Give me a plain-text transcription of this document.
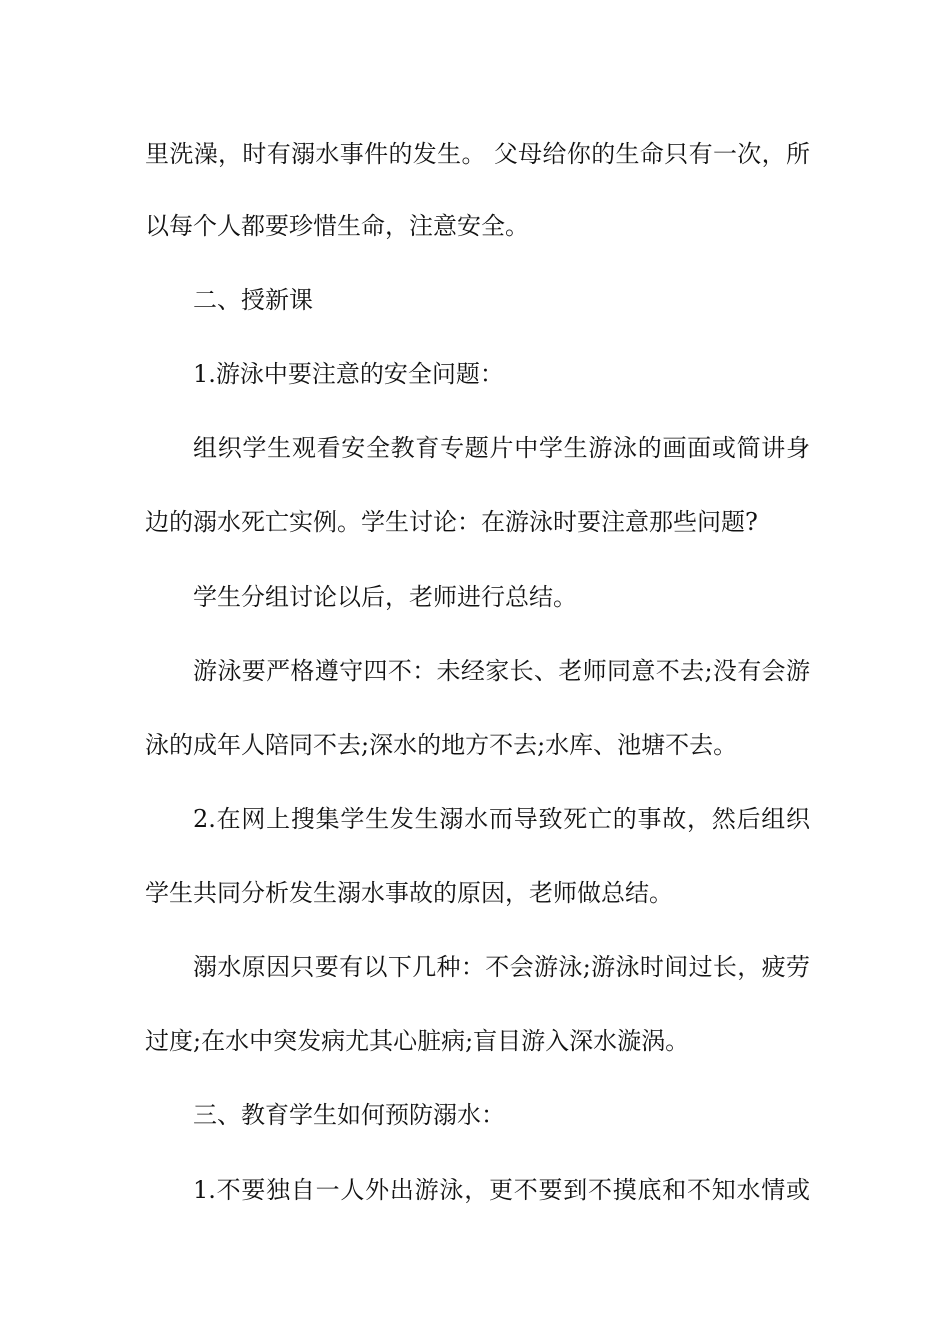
里洗澡，时有溺水事件的发生。 父母给你的生命只有一次，所

以每个人都要珍惜生命，注意安全。

二、授新课

1.游泳中要注意的安全问题：

组织学生观看安全教育专题片中学生游泳的画面或简讲身

边的溺水死亡实例。学生讨论：在游泳时要注意那些问题?

学生分组讨论以后，老师进行总结。

游泳要严格遵守四不：未经家长、老师同意不去;没有会游

泳的成年人陪同不去;深水的地方不去;水库、池塘不去。

2.在网上搜集学生发生溺水而导致死亡的事故，然后组织

学生共同分析发生溺水事故的原因，老师做总结。

溺水原因只要有以下几种：不会游泳;游泳时间过长，疲劳

过度;在水中突发病尤其心脏病;盲目游入深水漩涡。

三、教育学生如何预防溺水：

1.不要独自一人外出游泳，更不要到不摸底和不知水情或
